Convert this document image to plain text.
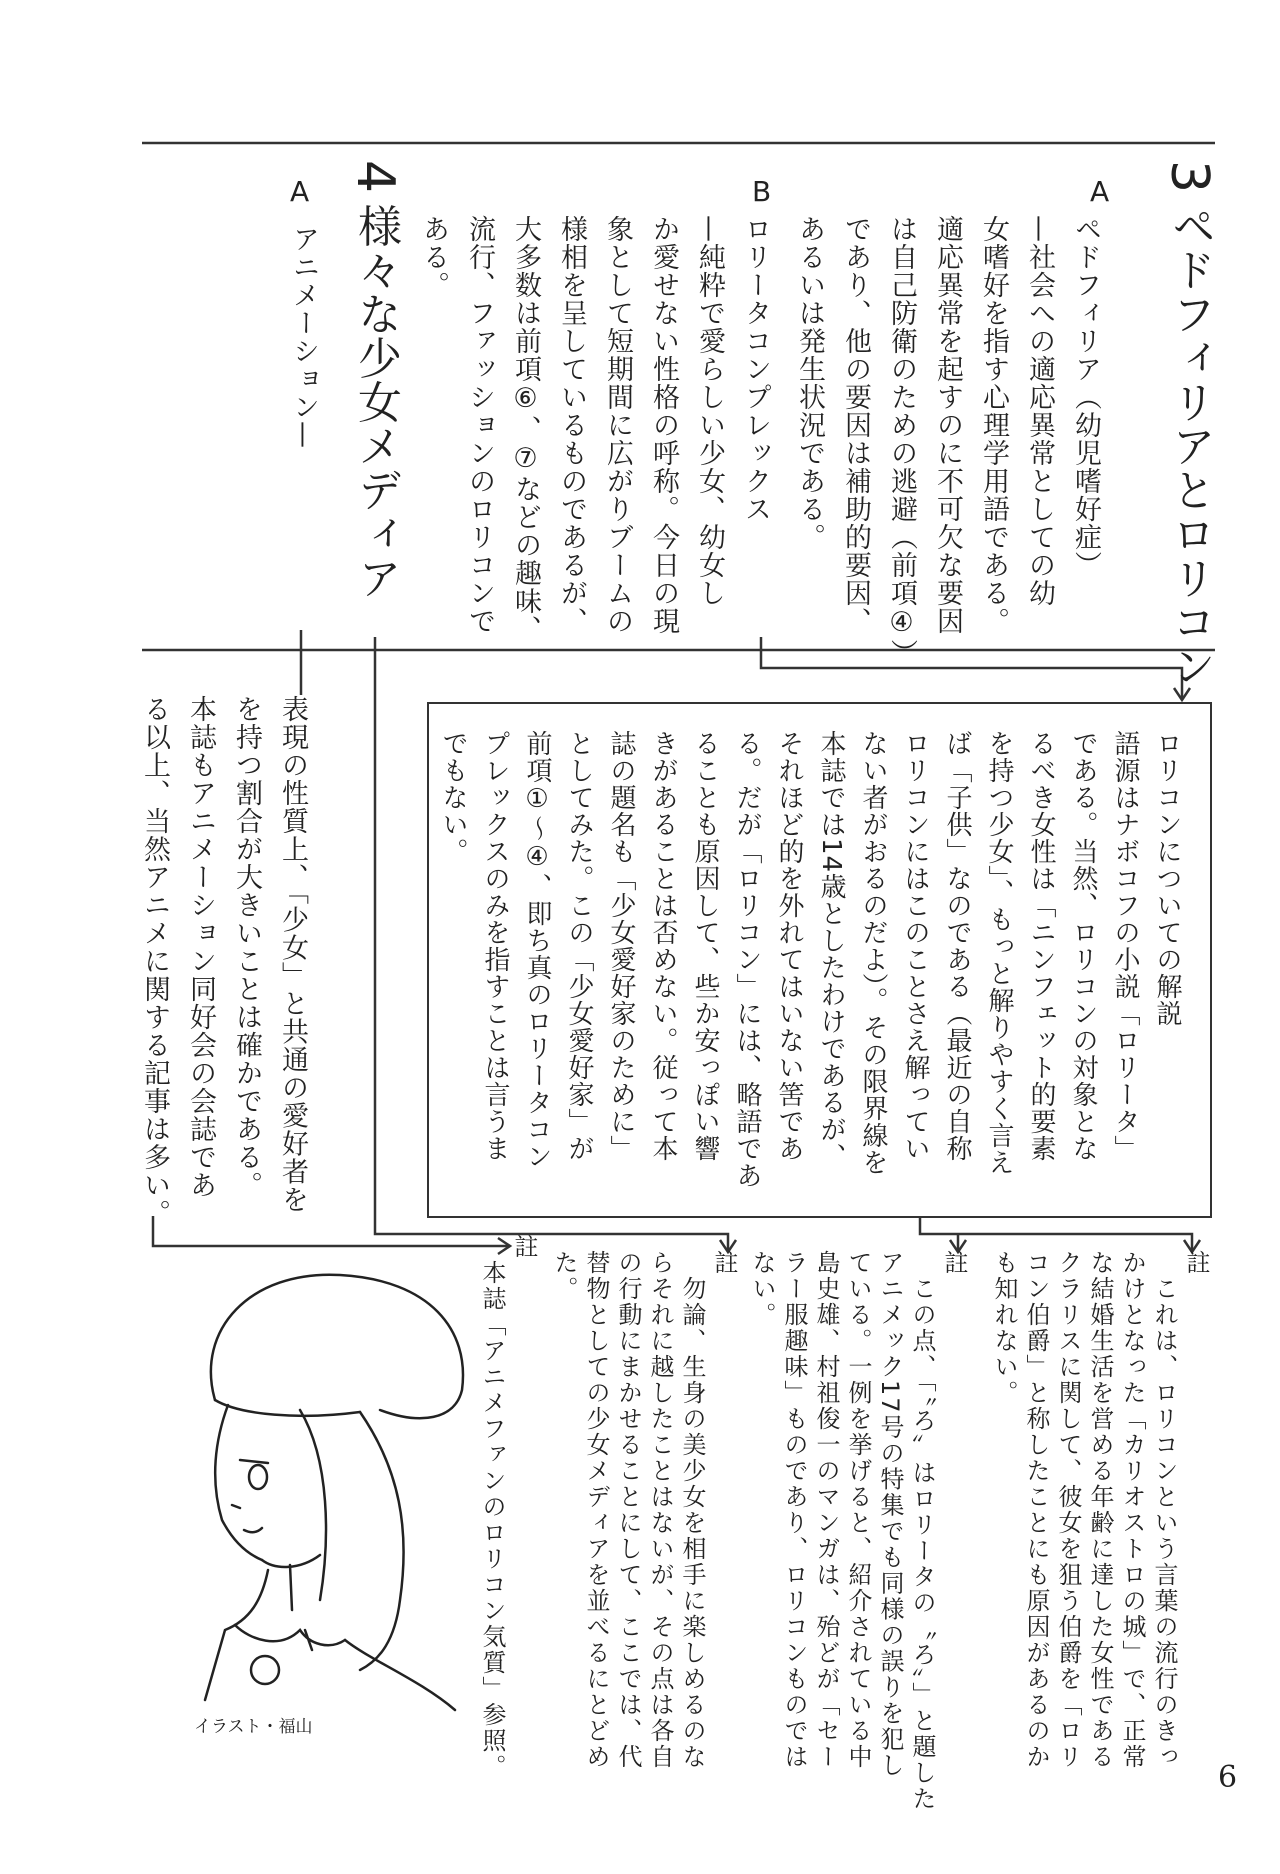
3ペドフィリアとロリコン
A
ペドフィリア（幼児嗜好症）
—社会への適応異常としての幼
女嗜好を指す心理学用語である。
適応異常を起すのに不可欠な要因
は自己防衛のための逃避（前項④）
であり、他の要因は補助的要因、
あるいは発生状況である。
B
ロリータコンプレックス
—純粋で愛らしい少女、幼女し
か愛せない性格の呼称。今日の現
象として短期間に広がりブームの
様相を呈しているものであるが、
大多数は前項⑥、⑦などの趣味、
流行、ファッションのロリコンで
ある。
4様々な少女メディア
A
アニメーション—
表現の性質上、「少女」と共通の愛好者を
を持つ割合が大きいことは確かである。
本誌もアニメーション同好会の会誌であ
る以上、当然アニメに関する記事は多い。	ロリコンについての解説
語源はナボコフの小説「ロリータ」
である。当然、ロリコンの対象とな
るべき女性は「ニンフェット的要素
を持つ少女」、もっと解りやすく言え
ば「子供」なのである（最近の自称
ロリコンにはこのことさえ解ってい
ない者がおるのだよ）。その限界線を
本誌では14歳としたわけであるが、
それほど的を外れてはいない筈であ
る。だが「ロリコン」には、略語であ
ることも原因して、些か安っぽい響
きがあることは否めない。従って本
誌の題名も「少女愛好家のために」
としてみた。この「少女愛好家」が
前項①〜④、即ち真のロリータコン
プレックスのみを指すことは言うま
でもない。
註
　これは、ロリコンという言葉の流行のきっ
かけとなった「カリオストロの城」で、正常
な結婚生活を営める年齢に達した女性である
クラリスに関して、彼女を狙う伯爵を「ロリ
コン伯爵」と称したことにも原因があるのか
も知れない。
註
　この点、「〝ろ〟はロリータの〝ろ〟」と題した
アニメック17号の特集でも同様の誤りを犯し
ている。一例を挙げると、紹介されている中
島史雄、村祖俊一のマンガは、殆どが「セー
ラー服趣味」ものであり、ロリコンものでは
ない。
註
　勿論、生身の美少女を相手に楽しめるのな
らそれに越したことはないが、その点は各自
の行動にまかせることにして、ここでは、代
替物としての少女メディアを並べるにとどめ
た。
註
　本誌「アニメファンのロリコン気質」参照。
イラスト・福山
6
